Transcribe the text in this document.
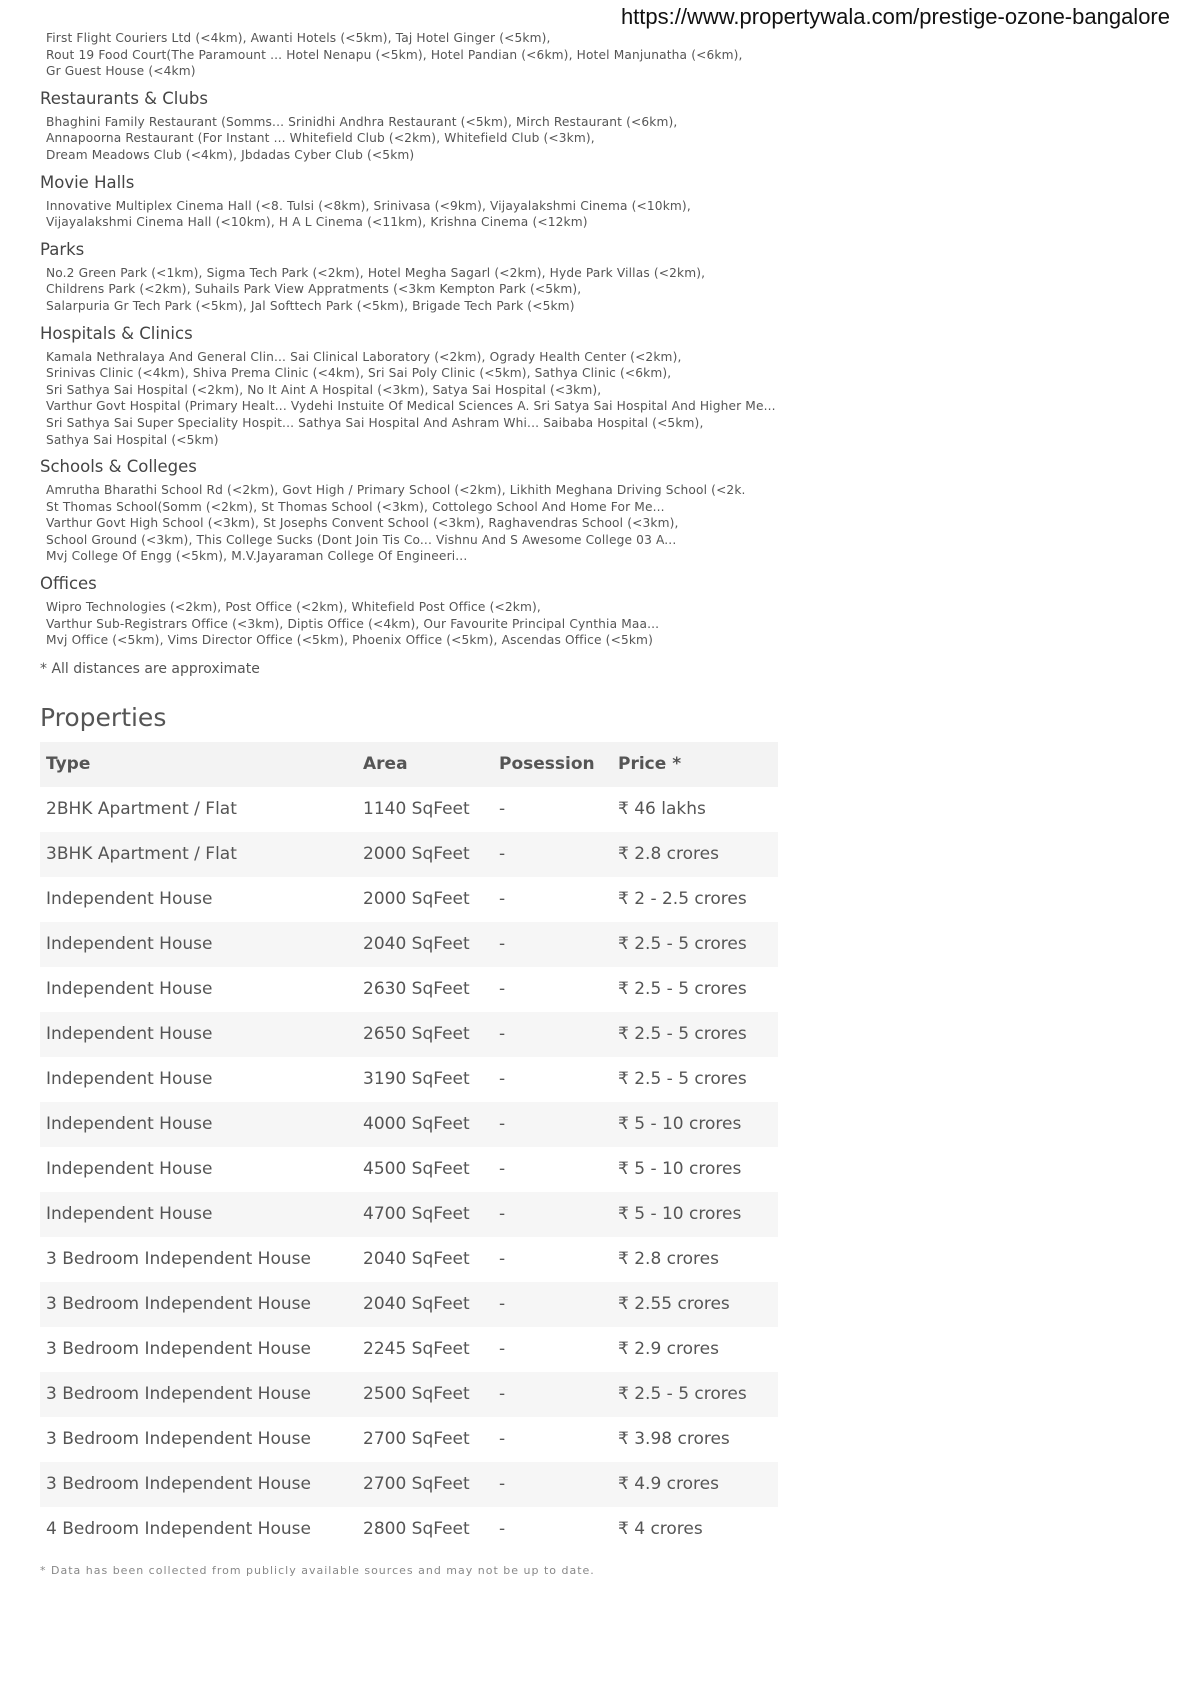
https://www.propertywala.com/prestige-ozone-bangalore
First Flight Couriers Ltd (<4km), Awanti Hotels (<5km), Taj Hotel Ginger (<5km),
Rout 19 Food Court(The Paramount ... Hotel Nenapu (<5km), Hotel Pandian (<6km), Hotel Manjunatha (<6km),
Gr Guest House (<4km)
Restaurants & Clubs
Bhaghini Family Restaurant (Somms... Srinidhi Andhra Restaurant (<5km), Mirch Restaurant (<6km),
Annapoorna Restaurant (For Instant ... Whitefield Club (<2km), Whitefield Club (<3km),
Dream Meadows Club (<4km), Jbdadas Cyber Club (<5km)
Movie Halls
Innovative Multiplex Cinema Hall (<8. Tulsi (<8km), Srinivasa (<9km), Vijayalakshmi Cinema (<10km),
Vijayalakshmi Cinema Hall (<10km), H A L Cinema (<11km), Krishna Cinema (<12km)
Parks
No.2 Green Park (<1km), Sigma Tech Park (<2km), Hotel Megha Sagarl (<2km), Hyde Park Villas (<2km),
Childrens Park (<2km), Suhails Park View Appratments (<3km Kempton Park (<5km),
Salarpuria Gr Tech Park (<5km), Jal Softtech Park (<5km), Brigade Tech Park (<5km)
Hospitals & Clinics
Kamala Nethralaya And General Clin... Sai Clinical Laboratory (<2km), Ogrady Health Center (<2km),
Srinivas Clinic (<4km), Shiva Prema Clinic (<4km), Sri Sai Poly Clinic (<5km), Sathya Clinic (<6km),
Sri Sathya Sai Hospital (<2km), No It Aint A Hospital (<3km), Satya Sai Hospital (<3km),
Varthur Govt Hospital (Primary Healt... Vydehi Instuite Of Medical Sciences A. Sri Satya Sai Hospital And Higher Me...
Sri Sathya Sai Super Speciality Hospit... Sathya Sai Hospital And Ashram Whi... Saibaba Hospital (<5km),
Sathya Sai Hospital (<5km)
Schools & Colleges
Amrutha Bharathi School Rd (<2km), Govt High / Primary School (<2km), Likhith Meghana Driving School (<2k.
St Thomas School(Somm (<2km), St Thomas School (<3km), Cottolego School And Home For Me...
Varthur Govt High School (<3km), St Josephs Convent School (<3km), Raghavendras School (<3km),
School Ground (<3km), This College Sucks (Dont Join Tis Co... Vishnu And S Awesome College 03 A...
Mvj College Of Engg (<5km), M.V.Jayaraman College Of Engineeri...
Offices
Wipro Technologies (<2km), Post Office (<2km), Whitefield Post Office (<2km),
Varthur Sub-Registrars Office (<3km), Diptis Office (<4km), Our Favourite Principal Cynthia Maa...
Mvj Office (<5km), Vims Director Office (<5km), Phoenix Office (<5km), Ascendas Office (<5km)
* All distances are approximate
Properties
Type	Area	Posession	Price *
2BHK Apartment / Flat	1140 SqFeet	-	₹ 46 lakhs
3BHK Apartment / Flat	2000 SqFeet	-	₹ 2.8 crores
Independent House	2000 SqFeet	-	₹ 2 - 2.5 crores
Independent House	2040 SqFeet	-	₹ 2.5 - 5 crores
Independent House	2630 SqFeet	-	₹ 2.5 - 5 crores
Independent House	2650 SqFeet	-	₹ 2.5 - 5 crores
Independent House	3190 SqFeet	-	₹ 2.5 - 5 crores
Independent House	4000 SqFeet	-	₹ 5 - 10 crores
Independent House	4500 SqFeet	-	₹ 5 - 10 crores
Independent House	4700 SqFeet	-	₹ 5 - 10 crores
3 Bedroom Independent House	2040 SqFeet	-	₹ 2.8 crores
3 Bedroom Independent House	2040 SqFeet	-	₹ 2.55 crores
3 Bedroom Independent House	2245 SqFeet	-	₹ 2.9 crores
3 Bedroom Independent House	2500 SqFeet	-	₹ 2.5 - 5 crores
3 Bedroom Independent House	2700 SqFeet	-	₹ 3.98 crores
3 Bedroom Independent House	2700 SqFeet	-	₹ 4.9 crores
4 Bedroom Independent House	2800 SqFeet	-	₹ 4 crores
* Data has been collected from publicly available sources and may not be up to date.
